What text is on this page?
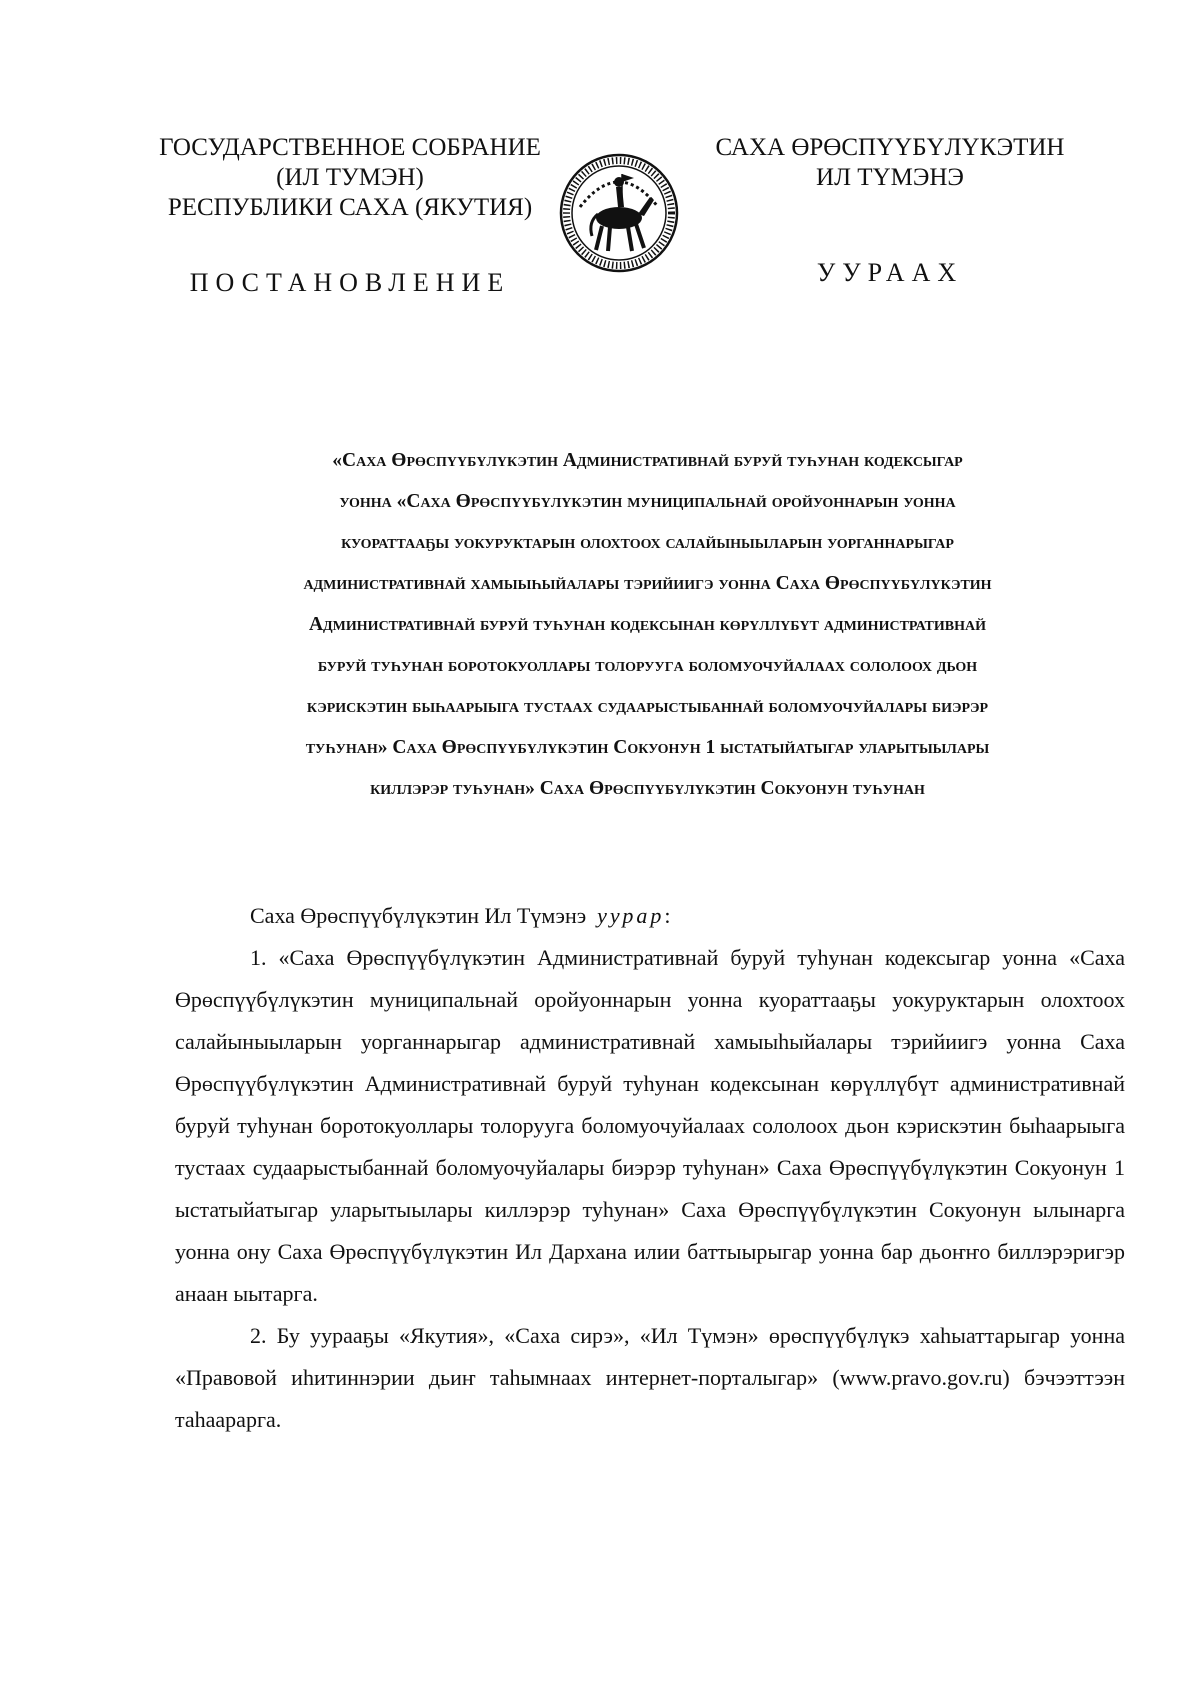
ГОСУДАРСТВЕННОЕ СОБРАНИЕ
(ИЛ ТУМЭН)
РЕСПУБЛИКИ САХА (ЯКУТИЯ)
САХА ӨРӨСПҮҮБҮЛҮКЭТИН
ИЛ ТҮМЭНЭ
ПОСТАНОВЛЕНИЕ	УУРААХ
«Саха Өрөспүүбүлүкэтин Административнай буруй туһунан кодексыгар
уонна «Саха Өрөспүүбүлүкэтин муниципальнай оройуоннарын уонна
куораттааҕы уокуруктарын олохтоох салайыныыларын уорганнарыгар
административнай хамыыһыйалары тэрийиигэ уонна Саха Өрөспүүбүлүкэтин
Административнай буруй туһунан кодексынан көрүллүбүт административнай
буруй туһунан боротокуоллары толоруугa боломуочуйалаах сололоох дьон
кэрискэтин быһаарыыга тустаах судаарыстыбаннай боломуочуйалары биэрэр
туһунан» Саха Өрөспүүбүлүкэтин Сокуонун 1 ыстатыйатыгар уларытыылары
киллэрэр туһунан» Саха Өрөспүүбүлүкэтин Сокуонун туһунан

Саха Өрөспүүбүлүкэтин Ил Түмэнэ уурар:

1. «Саха Өрөспүүбүлүкэтин Административнай буруй туһунан кодексыгар уонна «Саха Өрөспүүбүлүкэтин муниципальнай оройуоннарын уонна куораттааҕы уокуруктарын олохтоох салайыныыларын уорганнарыгар административнай хамыыһыйалары тэрийиигэ уонна Саха Өрөспүүбүлүкэтин Административнай буруй туһунан кодексынан көрүллүбүт административнай буруй туһунан боротокуоллары толоруугa боломуочуйалаах сололоох дьон кэрискэтин быһаарыыга тустаах судаарыстыбаннай боломуочуйалары биэрэр туһунан» Саха Өрөспүүбүлүкэтин Сокуонун 1 ыстатыйатыгар уларытыылары киллэрэр туһунан» Саха Өрөспүүбүлүкэтин Сокуонун ылынарга уонна ону Саха Өрөспүүбүлүкэтин Ил Дархана илии баттыырыгар уонна бар дьоҥҥо биллэрэригэр анаан ыытарга.

2. Бу уурааҕы «Якутия», «Саха сирэ», «Ил Түмэн» өрөспүүбүлүкэ хаһыаттарыгар уонна «Правовой иһитиннэрии дьиҥ таһымнаах интернет-порталыгар» (www.pravo.gov.ru) бэчээттээн таһаарарга.
